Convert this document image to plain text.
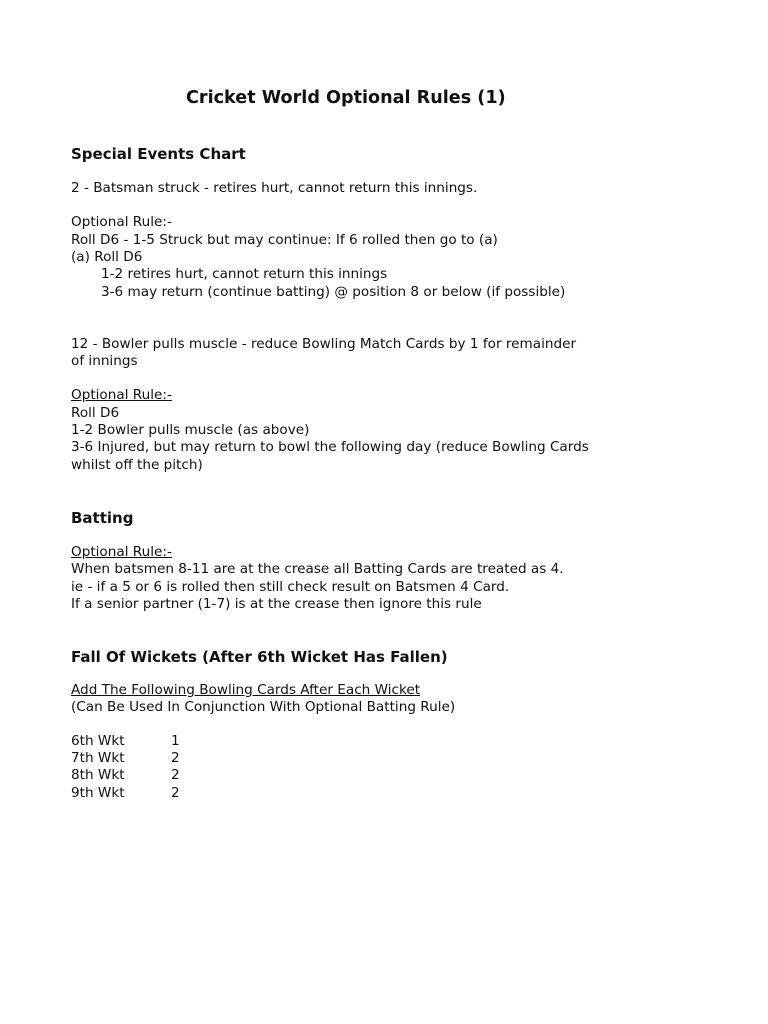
Cricket World Optional Rules (1)
Special Events Chart
2 - Batsman struck - retires hurt, cannot return this innings.
Optional Rule:-
Roll D6 - 1-5 Struck but may continue: If 6 rolled then go to (a)
(a) Roll D6
1-2 retires hurt, cannot return this innings
3-6 may return (continue batting) @ position 8 or below (if possible)
12 - Bowler pulls muscle - reduce Bowling Match Cards by 1 for remainder
of innings
Optional Rule:-
Roll D6
1-2 Bowler pulls muscle (as above)
3-6 Injured, but may return to bowl the following day (reduce Bowling Cards
whilst off the pitch)
Batting
Optional Rule:-
When batsmen 8-11 are at the crease all Batting Cards are treated as 4.
ie - if a 5 or 6 is rolled then still check result on Batsmen 4 Card.
If a senior partner (1-7) is at the crease then ignore this rule
Fall Of Wickets (After 6th Wicket Has Fallen)
Add The Following Bowling Cards After Each Wicket
(Can Be Used In Conjunction With Optional Batting Rule)
6th Wkt	1
7th Wkt	2
8th Wkt	2
9th Wkt	2
